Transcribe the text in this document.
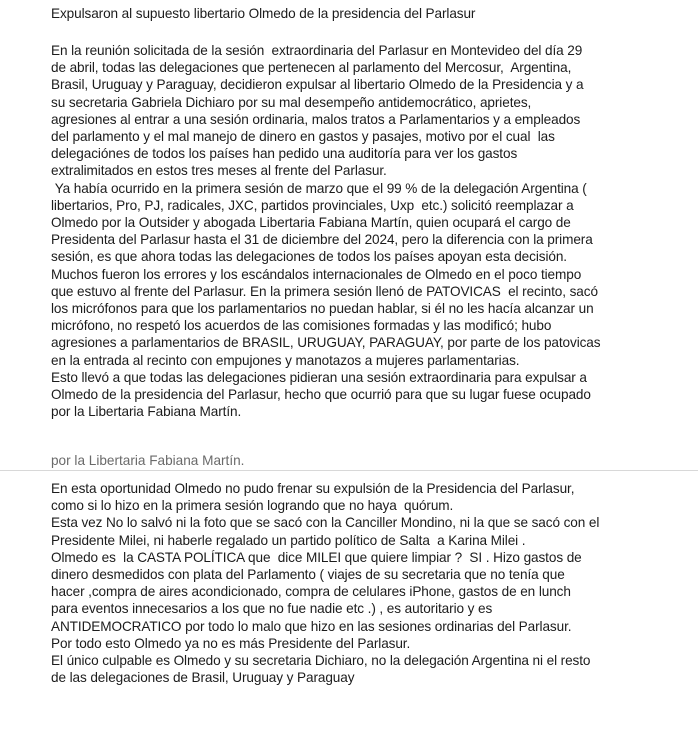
Expulsaron al supuesto libertario Olmedo de la presidencia del Parlasur

En la reunión solicitada de la sesión  extraordinaria del Parlasur en Montevideo del día 29

de abril, todas las delegaciones que pertenecen al parlamento del Mercosur,  Argentina,

Brasil, Uruguay y Paraguay, decidieron expulsar al libertario Olmedo de la Presidencia y a

su secretaria Gabriela Dichiaro por su mal desempeño antidemocrático, aprietes,

agresiones al entrar a una sesión ordinaria, malos tratos a Parlamentarios y a empleados

del parlamento y el mal manejo de dinero en gastos y pasajes, motivo por el cual  las

delegaciónes de todos los países han pedido una auditoría para ver los gastos

extralimitados en estos tres meses al frente del Parlasur.

Ya había ocurrido en la primera sesión de marzo que el 99 % de la delegación Argentina (

libertarios, Pro, PJ, radicales, JXC, partidos provinciales, Uxp  etc.) solicitó reemplazar a

Olmedo por la Outsider y abogada Libertaria Fabiana Martín, quien ocupará el cargo de

Presidenta del Parlasur hasta el 31 de diciembre del 2024, pero la diferencia con la primera

sesión, es que ahora todas las delegaciones de todos los países apoyan esta decisión.

Muchos fueron los errores y los escándalos internacionales de Olmedo en el poco tiempo

que estuvo al frente del Parlasur. En la primera sesión llenó de PATOVICAS  el recinto, sacó

los micrófonos para que los parlamentarios no puedan hablar, si él no les hacía alcanzar un

micrófono, no respetó los acuerdos de las comisiones formadas y las modificó; hubo

agresiones a parlamentarios de BRASIL, URUGUAY, PARAGUAY, por parte de los patovicas

en la entrada al recinto con empujones y manotazos a mujeres parlamentarias.

Esto llevó a que todas las delegaciones pidieran una sesión extraordinaria para expulsar a

Olmedo de la presidencia del Parlasur, hecho que ocurrió para que su lugar fuese ocupado

por la Libertaria Fabiana Martín.

por la Libertaria Fabiana Martín.

En esta oportunidad Olmedo no pudo frenar su expulsión de la Presidencia del Parlasur,

como si lo hizo en la primera sesión logrando que no haya  quórum.

Esta vez No lo salvó ni la foto que se sacó con la Canciller Mondino, ni la que se sacó con el

Presidente Milei, ni haberle regalado un partido político de Salta  a Karina Milei .

Olmedo es  la CASTA POLÍTICA que  dice MILEI que quiere limpiar ?  SI . Hizo gastos de

dinero desmedidos con plata del Parlamento ( viajes de su secretaria que no tenía que

hacer ,compra de aires acondicionado, compra de celulares iPhone, gastos de en lunch

para eventos innecesarios a los que no fue nadie etc .) , es autoritario y es

ANTIDEMOCRATICO por todo lo malo que hizo en las sesiones ordinarias del Parlasur.

Por todo esto Olmedo ya no es más Presidente del Parlasur.

El único culpable es Olmedo y su secretaria Dichiaro, no la delegación Argentina ni el resto

de las delegaciones de Brasil, Uruguay y Paraguay
